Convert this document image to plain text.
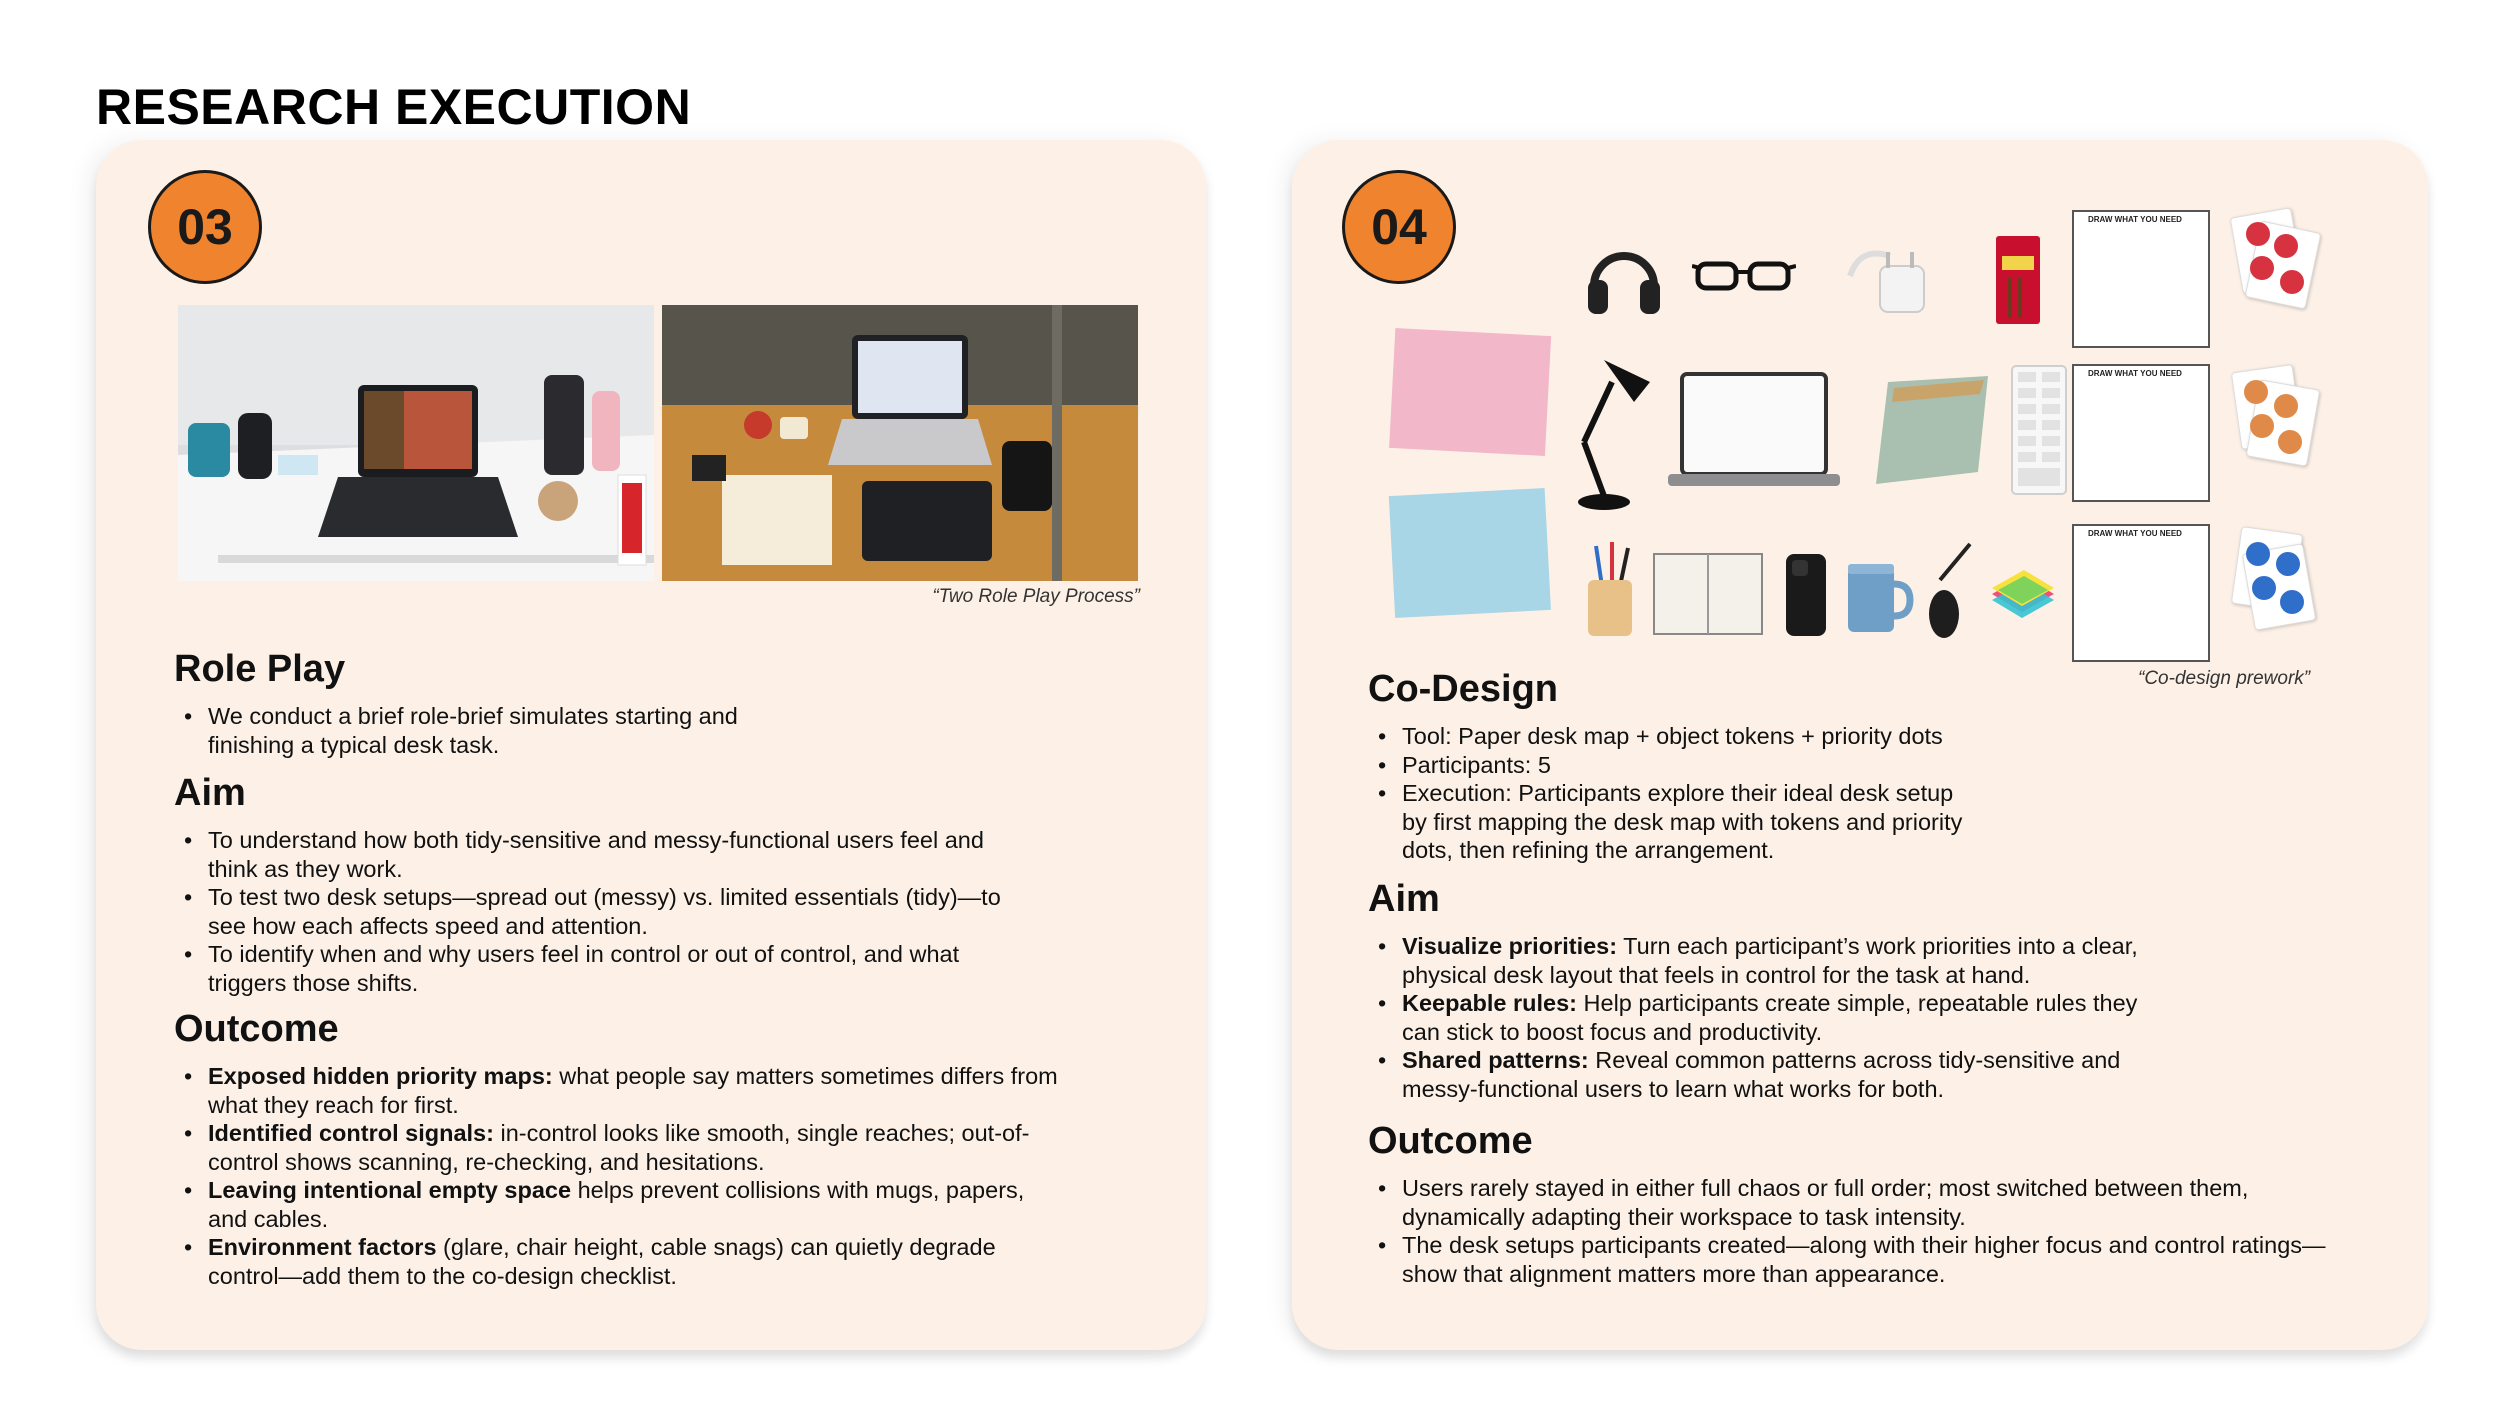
RESEARCH EXECUTION
03
“Two Role Play Process”
Role Play
• We conduct a brief role-brief simulates starting and
finishing a typical desk task.
Aim
• To understand how both tidy-sensitive and messy-functional users feel and
think as they work.
• To test two desk setups—spread out (messy) vs. limited essentials (tidy)—to
see how each affects speed and attention.
• To identify when and why users feel in control or out of control, and what
triggers those shifts.
Outcome
• Exposed hidden priority maps: what people say matters sometimes differs from
what they reach for first.
• Identified control signals: in-control looks like smooth, single reaches; out-of-
control shows scanning, re-checking, and hesitations.
• Leaving intentional empty space helps prevent collisions with mugs, papers,
and cables.
• Environment factors (glare, chair height, cable snags) can quietly degrade
control—add them to the co-design checklist.
04	DRAW WHAT YOU NEED
DRAW WHAT YOU NEED
DRAW WHAT YOU NEED
“Co-design prework”
Co-Design
• Tool: Paper desk map + object tokens + priority dots
• Participants: 5
• Execution: Participants explore their ideal desk setup
by first mapping the desk map with tokens and priority
dots, then refining the arrangement.
Aim
• Visualize priorities: Turn each participant’s work priorities into a clear,
physical desk layout that feels in control for the task at hand.
• Keepable rules: Help participants create simple, repeatable rules they
can stick to boost focus and productivity.
• Shared patterns: Reveal common patterns across tidy-sensitive and
messy-functional users to learn what works for both.
Outcome
• Users rarely stayed in either full chaos or full order; most switched between them,
dynamically adapting their workspace to task intensity.
• The desk setups participants created—along with their higher focus and control ratings—
show that alignment matters more than appearance.
